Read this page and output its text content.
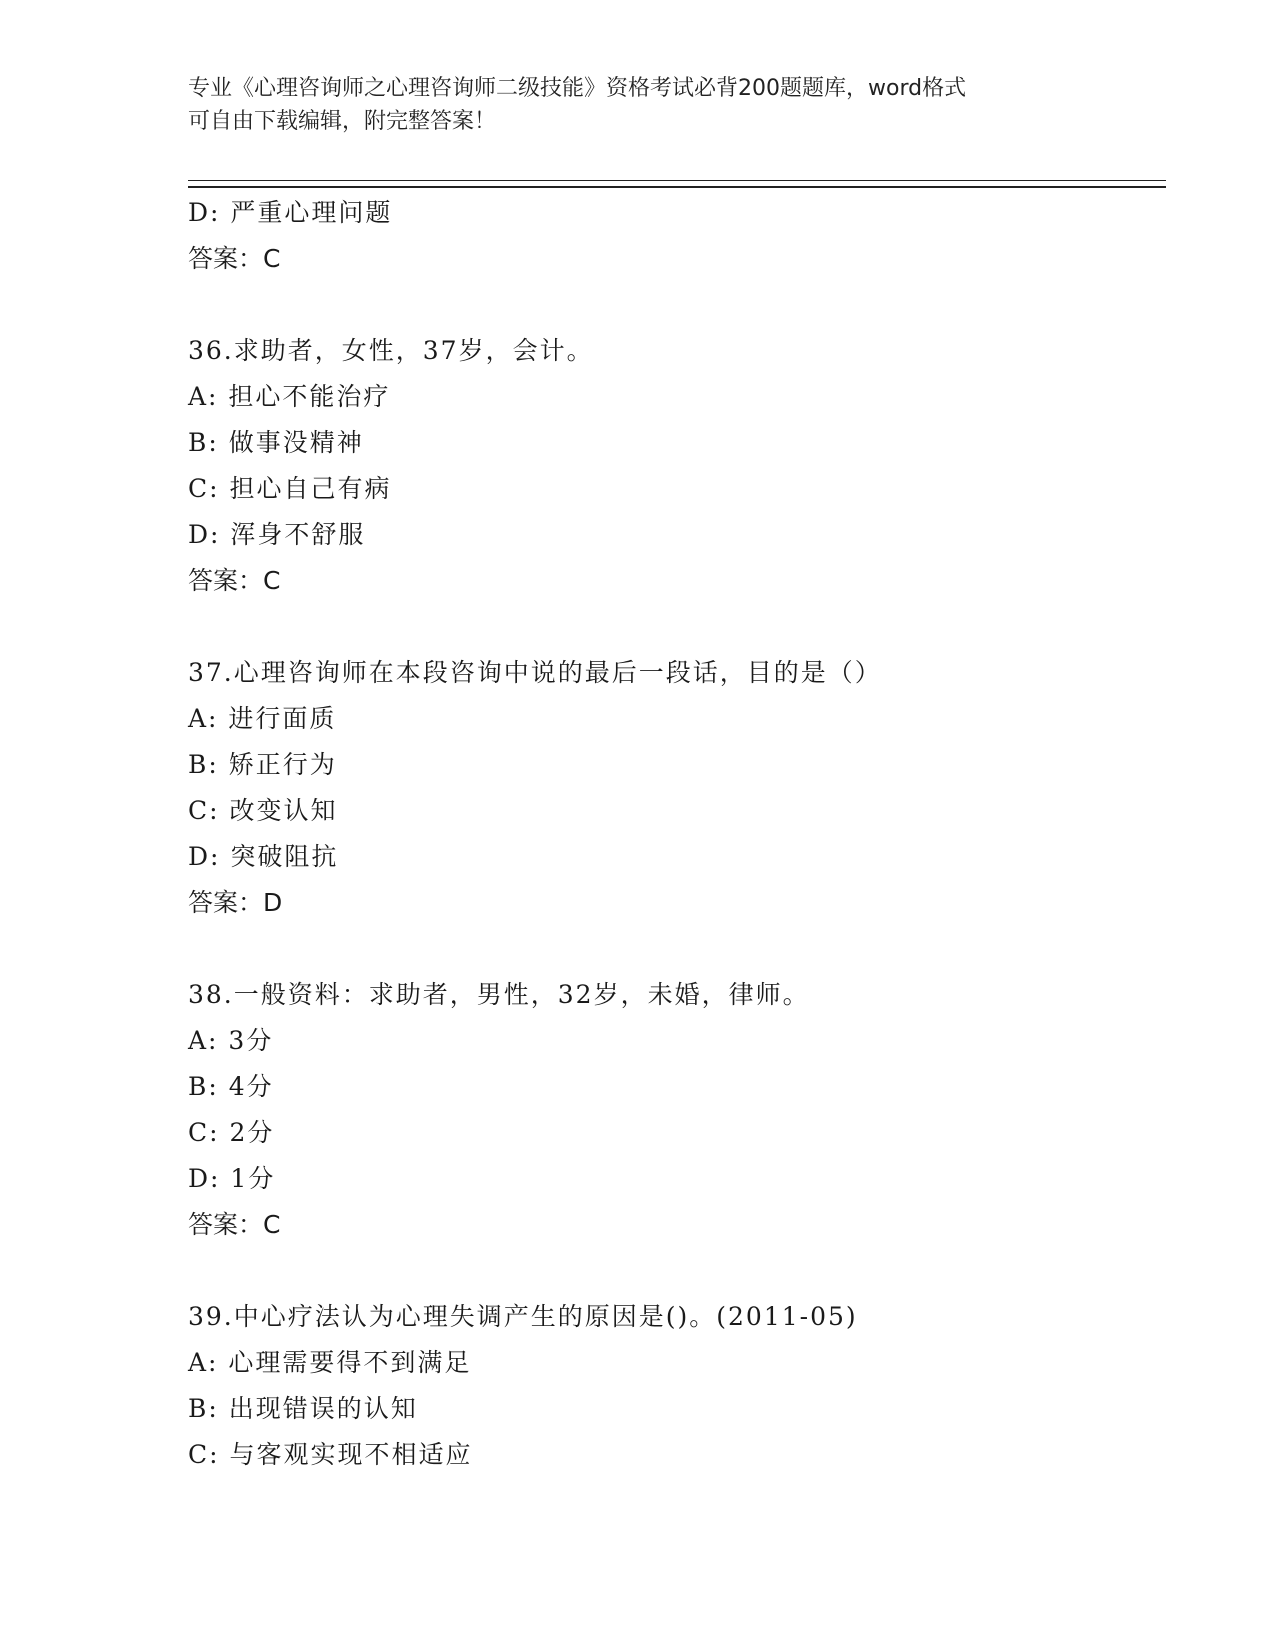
专业《心理咨询师之心理咨询师二级技能》资格考试必背200题题库，word格式
可自由下载编辑，附完整答案！
D: 严重心理问题
答案：C
36.求助者，女性，37岁，会计。
A: 担心不能治疗
B: 做事没精神
C: 担心自己有病
D: 浑身不舒服
答案：C
37.心理咨询师在本段咨询中说的最后一段话，目的是（）
A: 进行面质
B: 矫正行为
C: 改变认知
D: 突破阻抗
答案：D
38.一般资料：求助者，男性，32岁，未婚，律师。
A: 3分
B: 4分
C: 2分
D: 1分
答案：C
39.中心疗法认为心理失调产生的原因是()。(2011-05)
A: 心理需要得不到满足
B: 出现错误的认知
C: 与客观实现不相适应
